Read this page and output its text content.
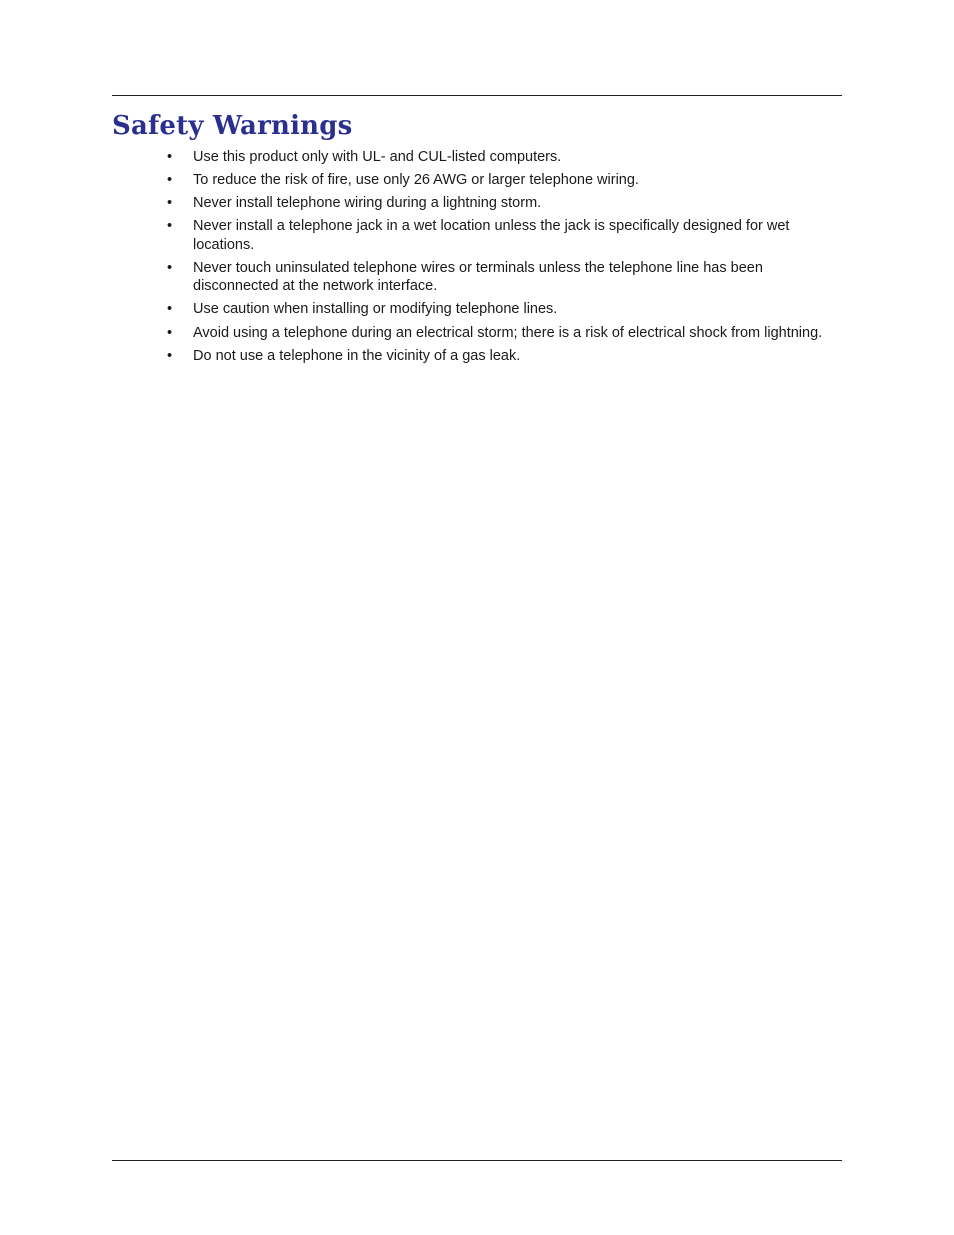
Safety Warnings
• Use this product only with UL- and CUL-listed computers.
• To reduce the risk of fire, use only 26 AWG or larger telephone wiring.
• Never install telephone wiring during a lightning storm.
• Never install a telephone jack in a wet location unless the jack is specifically designed for wet locations.
• Never touch uninsulated telephone wires or terminals unless the telephone line has been disconnected at the network interface.
• Use caution when installing or modifying telephone lines.
• Avoid using a telephone during an electrical storm; there is a risk of electrical shock from lightning.
• Do not use a telephone in the vicinity of a gas leak.
